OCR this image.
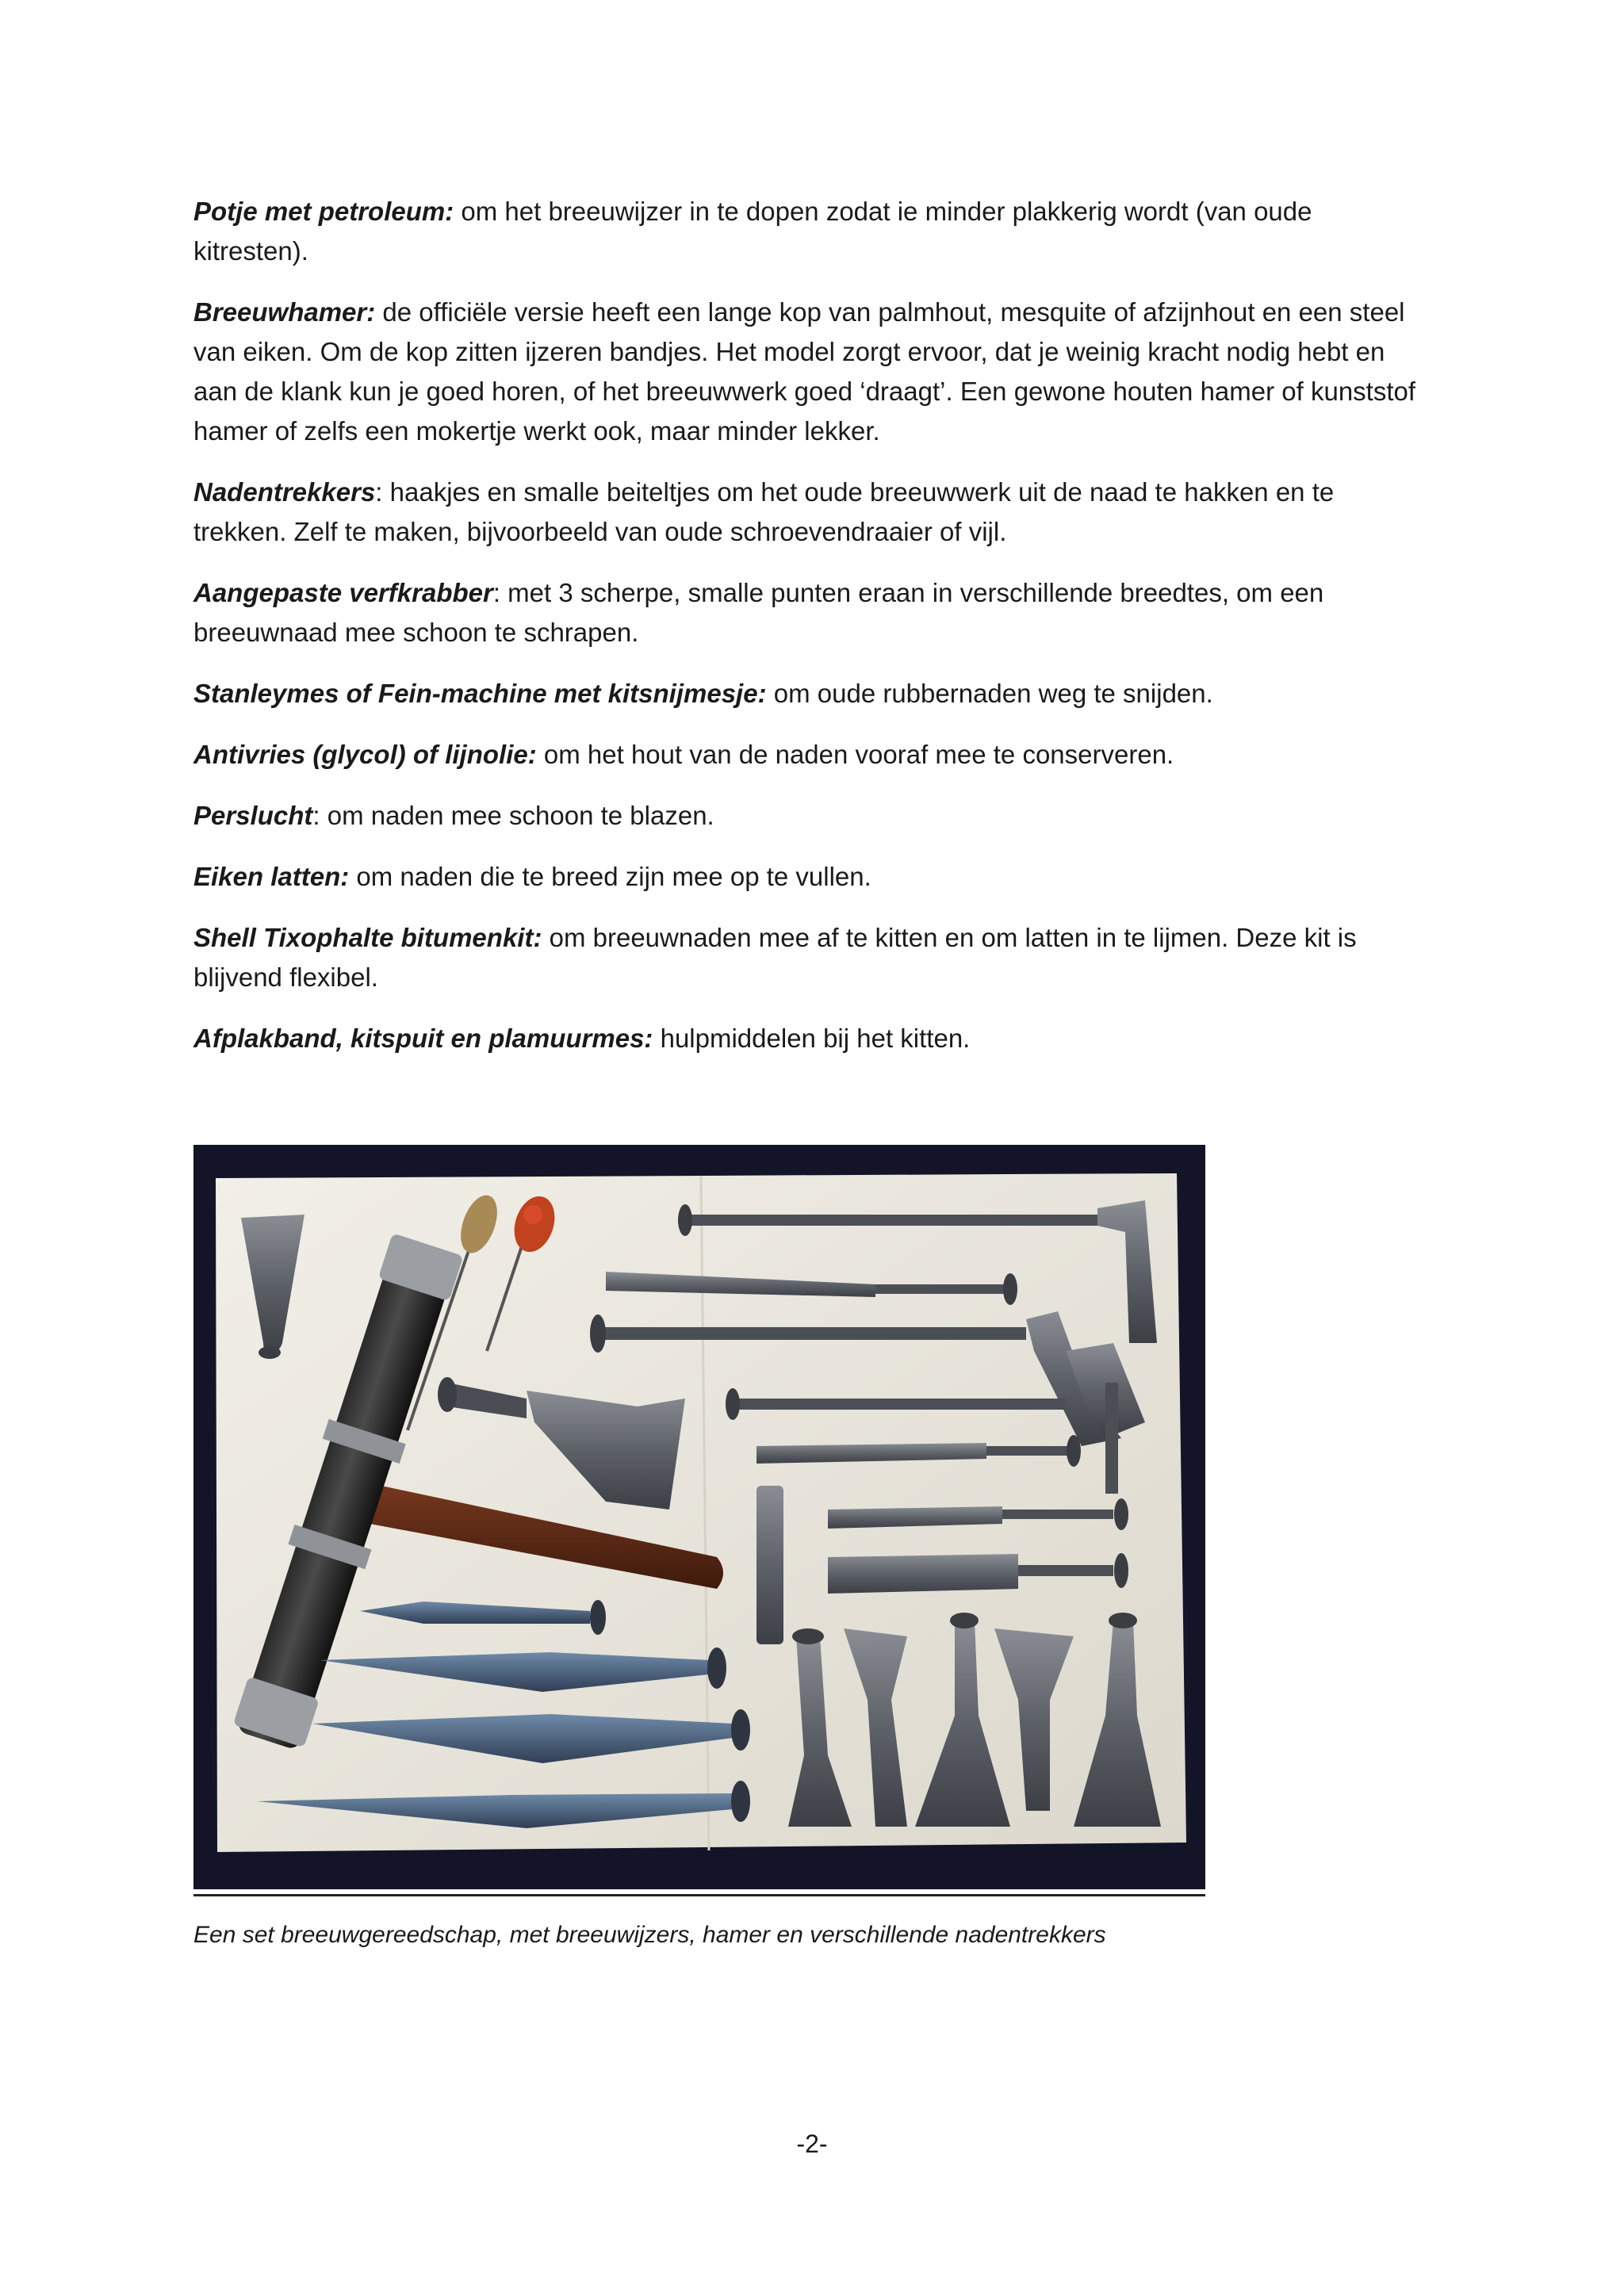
Potje met petroleum: om het breeuwijzer in te dopen zodat ie minder plakkerig wordt (van oude kitresten).

Breeuwhamer: de officiële versie heeft een lange kop van palmhout, mesquite of afzijnhout en een steel van eiken. Om de kop zitten ijzeren bandjes. Het model zorgt ervoor, dat je weinig kracht nodig hebt en aan de klank kun je goed horen, of het breeuwwerk goed ‘draagt’. Een gewone houten hamer of kunststof hamer of zelfs een mokertje werkt ook, maar minder lekker.

Nadentrekkers: haakjes en smalle beiteltjes om het oude breeuwwerk uit de naad te hakken en te trekken. Zelf te maken, bijvoorbeeld van oude schroevendraaier of vijl.

Aangepaste verfkrabber: met 3 scherpe, smalle punten eraan in verschillende breedtes, om een breeuwnaad mee schoon te schrapen.

Stanleymes of Fein-machine met kitsnijmesje: om oude rubbernaden weg te snijden.

Antivries (glycol) of lijnolie: om het hout van de naden vooraf mee te conserveren.

Perslucht: om naden mee schoon te blazen.

Eiken latten: om naden die te breed zijn mee op te vullen.

Shell Tixophalte bitumenkit: om breeuwnaden mee af te kitten en om latten in te lijmen. Deze kit is blijvend flexibel.

Afplakband, kitspuit en plamuurmes: hulpmiddelen bij het kitten.

Een set breeuwgereedschap, met breeuwijzers, hamer en verschillende nadentrekkers
-2-
